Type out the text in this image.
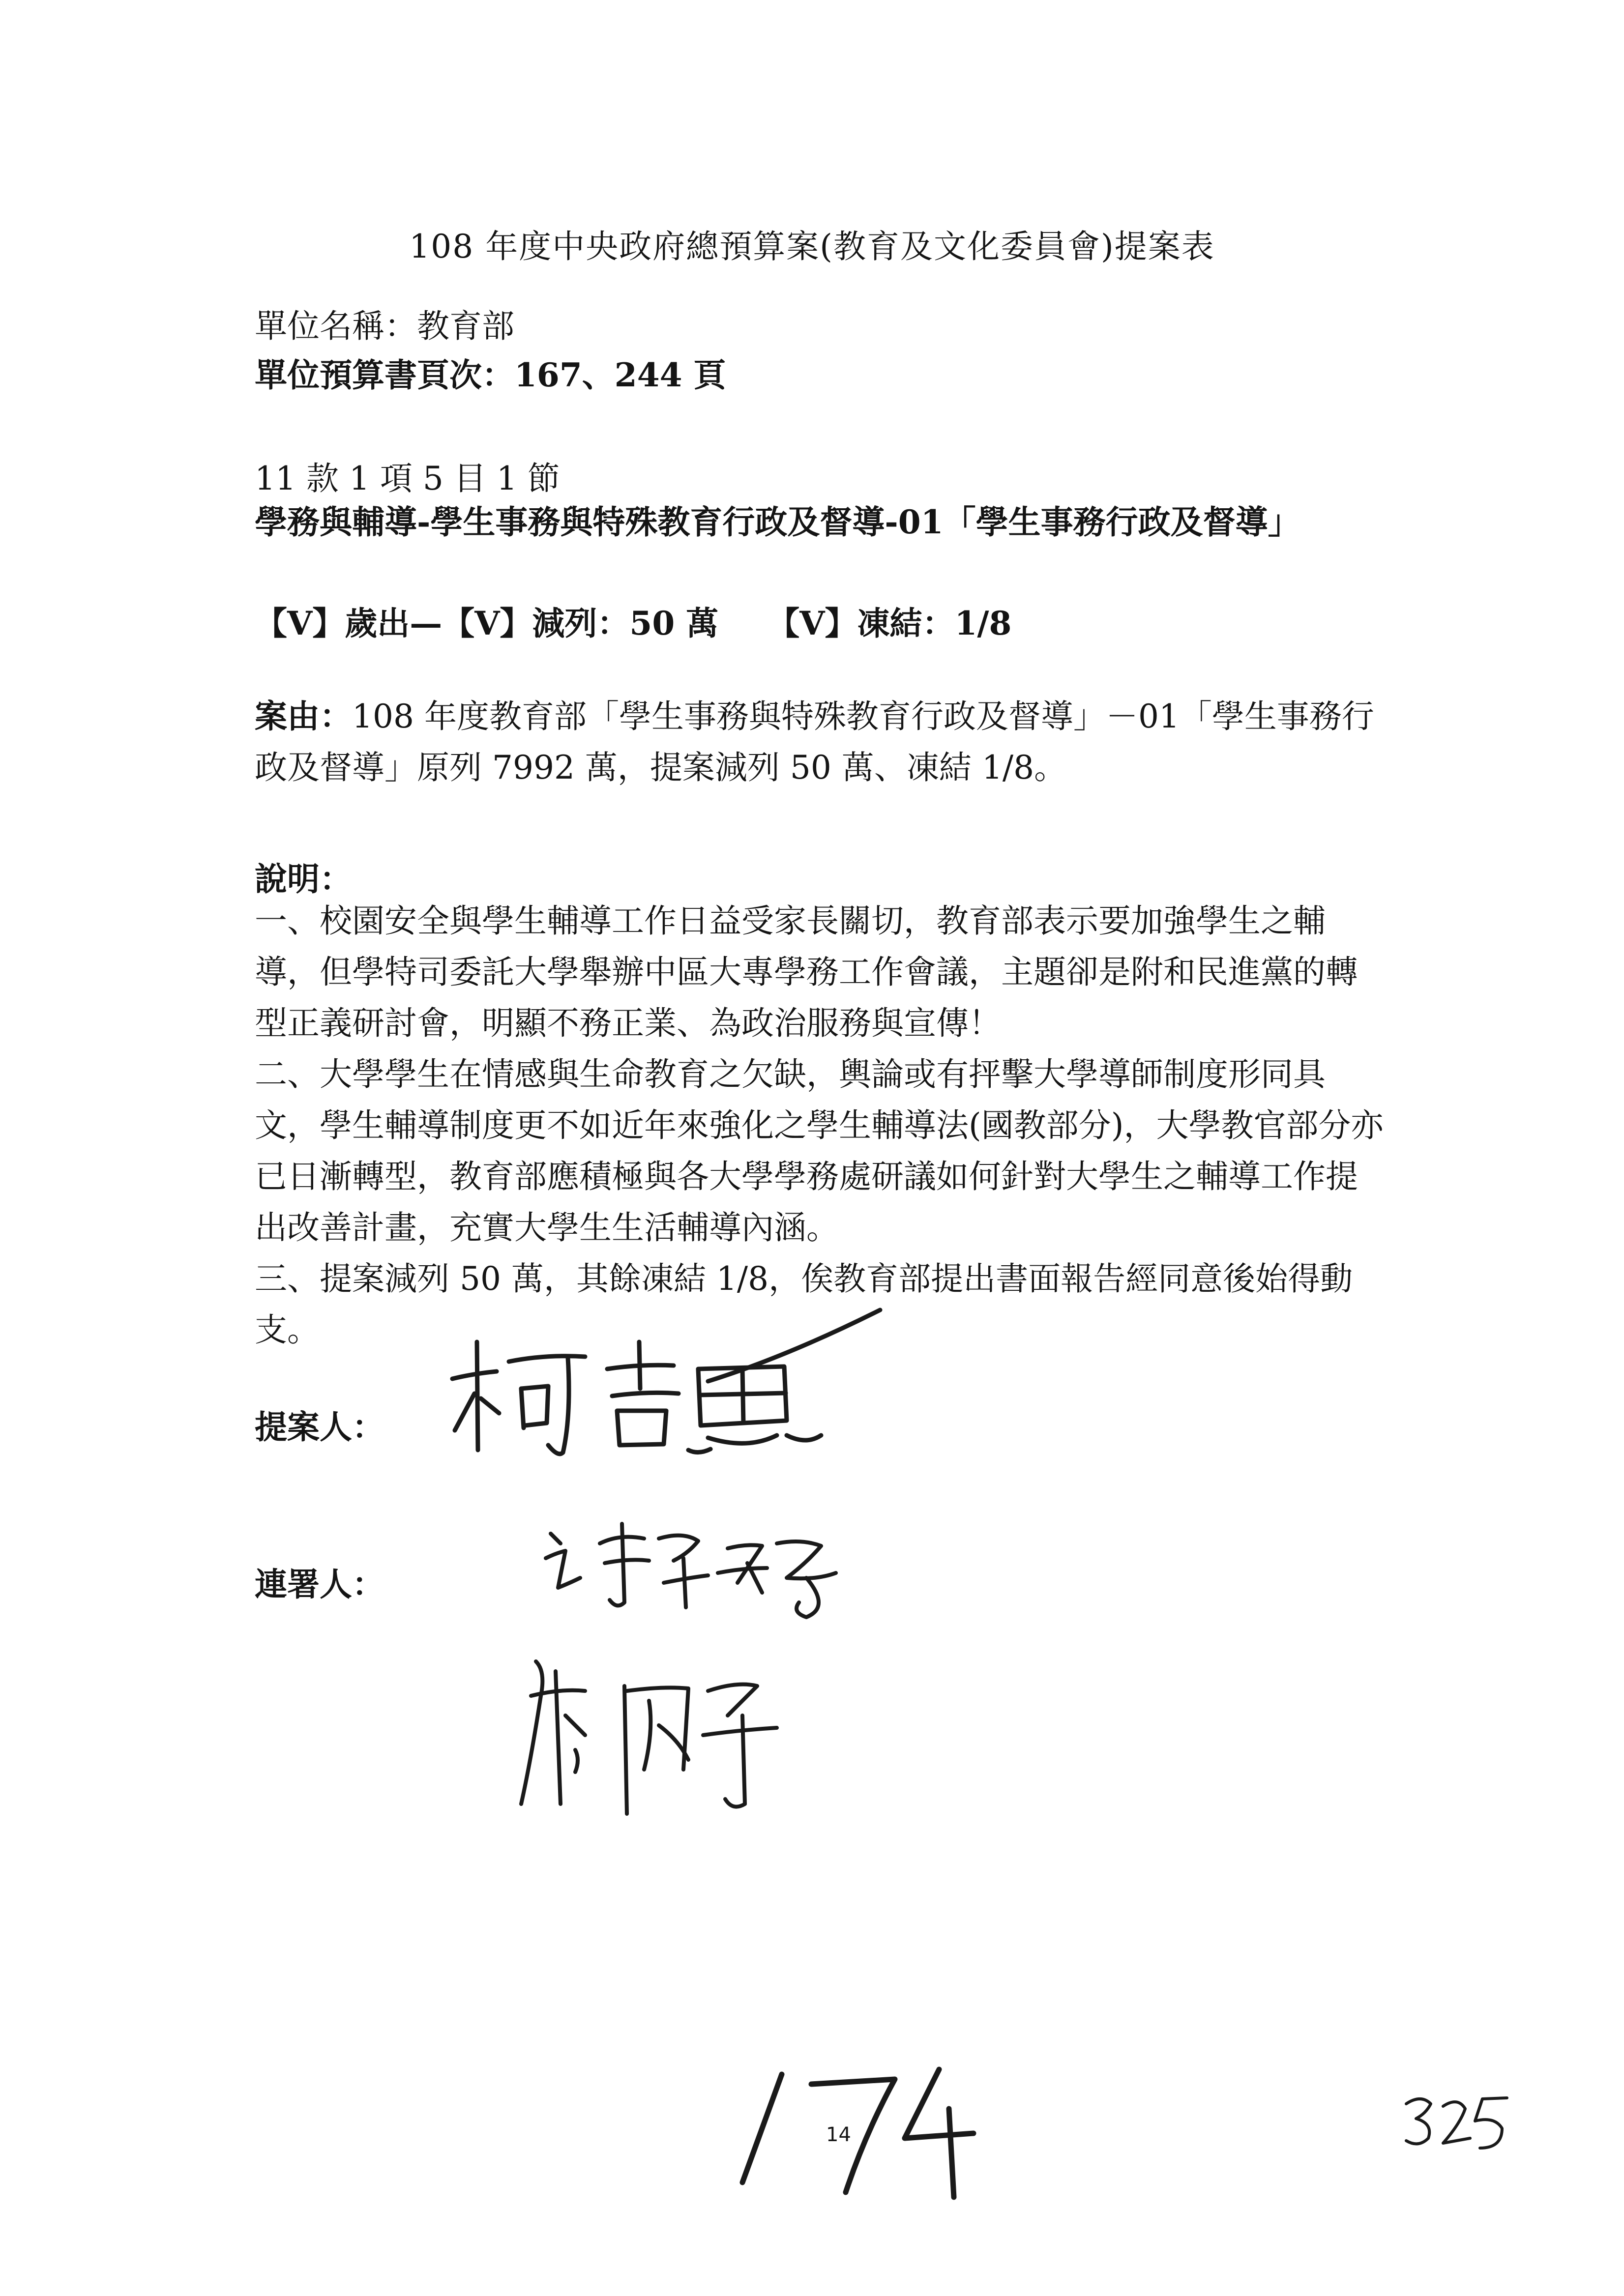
108 年度中央政府總預算案(教育及文化委員會)提案表
單位名稱：教育部
單位預算書頁次：167、244 頁
11 款 1 項 5 目 1 節
學務與輔導-學生事務與特殊教育行政及督導-01「學生事務行政及督導」
【V】歲出—【V】減列：50 萬　　【V】凍結：1/8
案由：108 年度教育部「學生事務與特殊教育行政及督導」－01「學生事務行政及督導」原列 7992 萬，提案減列 50 萬、凍結 1/8。
說明：
一、校園安全與學生輔導工作日益受家長關切，教育部表示要加強學生之輔導，但學特司委託大學舉辦中區大專學務工作會議，主題卻是附和民進黨的轉型正義研討會，明顯不務正業、為政治服務與宣傳！
二、大學學生在情感與生命教育之欠缺，輿論或有抨擊大學導師制度形同具文，學生輔導制度更不如近年來強化之學生輔導法(國教部分)，大學教官部分亦已日漸轉型，教育部應積極與各大學學務處研議如何針對大學生之輔導工作提出改善計畫，充實大學生生活輔導內涵。
三、提案減列 50 萬，其餘凍結 1/8，俟教育部提出書面報告經同意後始得動支。
提案人：
連署人：
14
